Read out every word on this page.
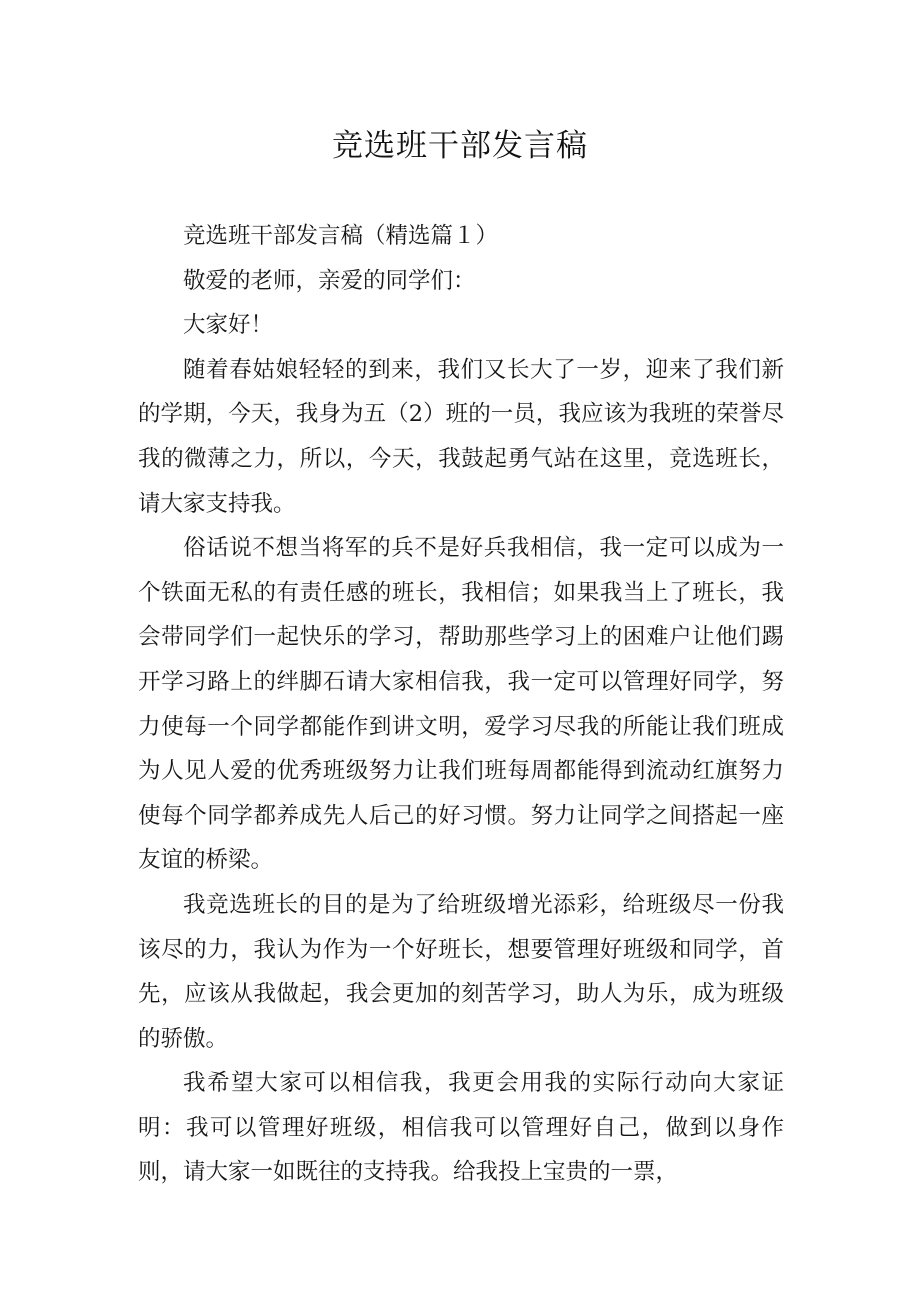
竞选班干部发言稿

竞选班干部发言稿（精选篇１）

敬爱的老师，亲爱的同学们：

大家好！

随着春姑娘轻轻的到来，我们又长大了一岁，迎来了我们新的学期，今天，我身为五（2）班的一员，我应该为我班的荣誉尽我的微薄之力，所以，今天，我鼓起勇气站在这里，竞选班长，请大家支持我。

俗话说不想当将军的兵不是好兵我相信，我一定可以成为一个铁面无私的有责任感的班长，我相信；如果我当上了班长，我会带同学们一起快乐的学习，帮助那些学习上的困难户让他们踢开学习路上的绊脚石请大家相信我，我一定可以管理好同学，努力使每一个同学都能作到讲文明，爱学习尽我的所能让我们班成为人见人爱的优秀班级努力让我们班每周都能得到流动红旗努力使每个同学都养成先人后己的好习惯。努力让同学之间搭起一座友谊的桥梁。

我竞选班长的目的是为了给班级增光添彩，给班级尽一份我该尽的力，我认为作为一个好班长，想要管理好班级和同学，首先，应该从我做起，我会更加的刻苦学习，助人为乐，成为班级的骄傲。

我希望大家可以相信我，我更会用我的实际行动向大家证明：我可以管理好班级，相信我可以管理好自己，做到以身作则，请大家一如既往的支持我。给我投上宝贵的一票，
